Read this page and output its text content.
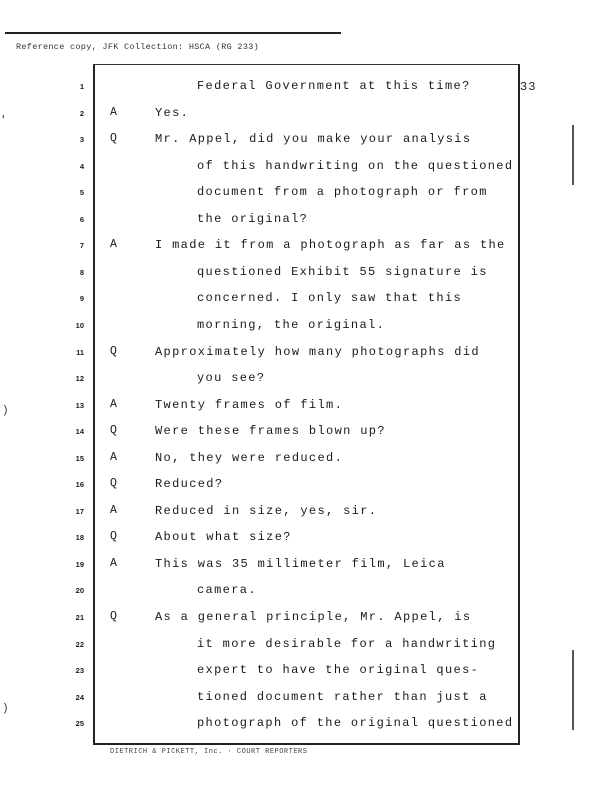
Reference copy, JFK Collection: HSCA (RG 233)
33
1	Federal Government at this time?
2 A	Yes.
3 Q	Mr. Appel, did you make your analysis
4	of this handwriting on the questioned
5	document from a photograph or from
6	the original?
7 A	I made it from a photograph as far as the
8	questioned Exhibit 55 signature is
9	concerned. I only saw that this
10	morning, the original.
11 Q	Approximately how many photographs did
12	you see?
13 A	Twenty frames of film.
14 Q	Were these frames blown up?
15 A	No, they were reduced.
16 Q	Reduced?
17 A	Reduced in size, yes, sir.
18 Q	About what size?
19 A	This was 35 millimeter film, Leica
20	camera.
21 Q	As a general principle, Mr. Appel, is
22	it more desirable for a handwriting
23	expert to have the original ques-
24	tioned document rather than just a
25	photograph of the original questioned
DIETRICH & PICKETT, Inc. · COURT REPORTERS
)
)
'
